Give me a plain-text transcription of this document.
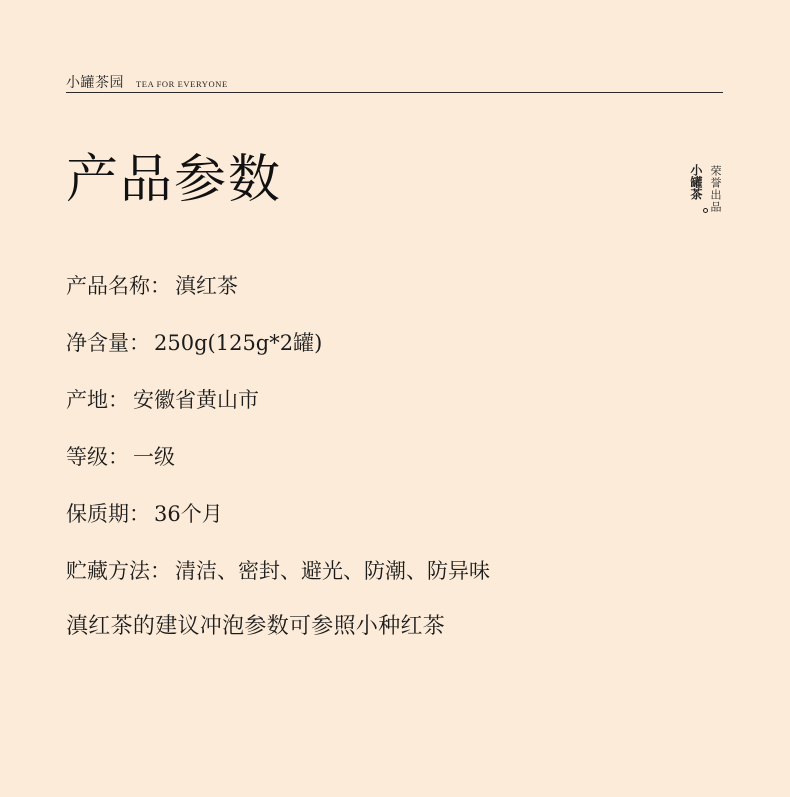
小罐茶园 TEA FOR EVERYONE
产品参数	小罐茶 荣誉出品
产品名称 ： 滇红茶
净含量 ： 250g(125g*2罐)
产地 ： 安徽省黄山市
等级 ： 一级
保质期 ： 36个月
贮藏方法 ： 清洁、密封、避光、防潮、防异味
滇红茶的建议冲泡参数可参照小种红茶
